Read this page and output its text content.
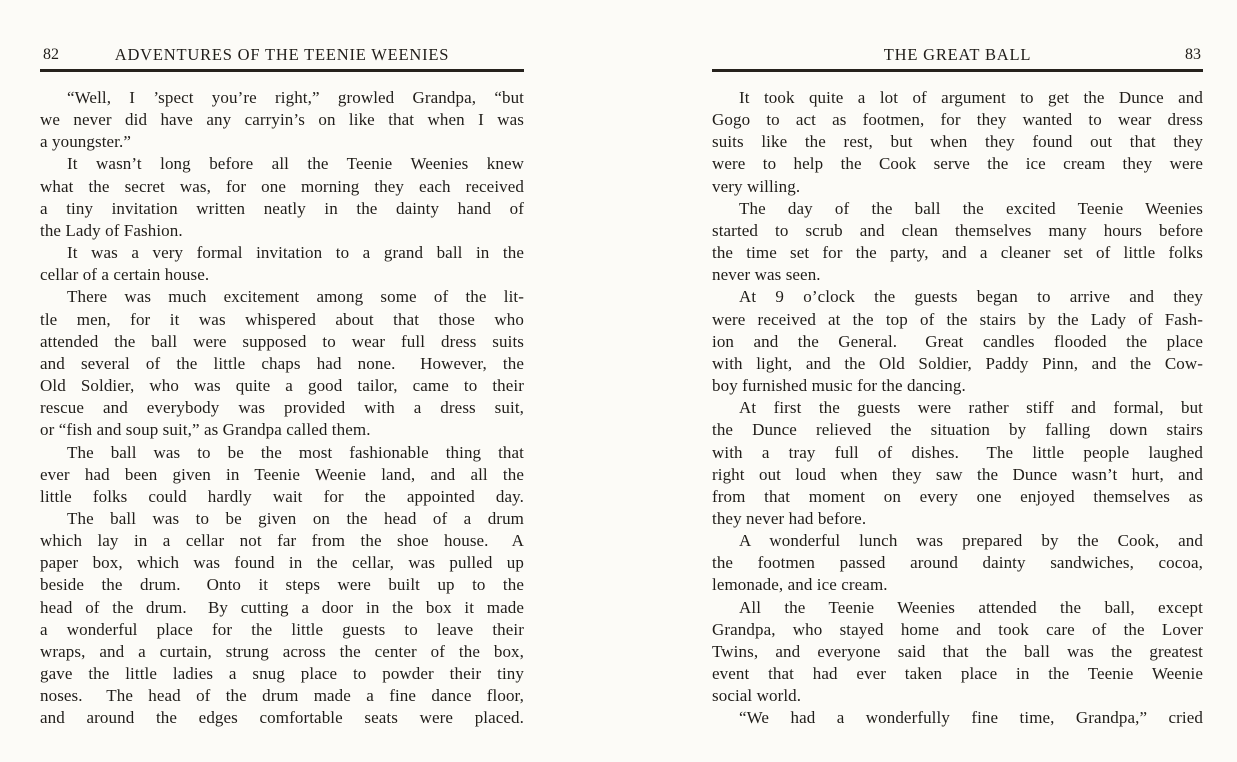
82	ADVENTURES OF THE TEENIE WEENIES
“Well, I ’spect you’re right,” growled Grandpa, “but
we never did have any carryin’s on like that when I was
a youngster.”
It wasn’t long before all the Teenie Weenies knew
what the secret was, for one morning they each received
a tiny invitation written neatly in the dainty hand of
the Lady of Fashion.
It was a very formal invitation to a grand ball in the
cellar of a certain house.
There was much excitement among some of the lit-
tle men, for it was whispered about that those who
attended the ball were supposed to wear full dress suits
and several of the little chaps had none.  However, the
Old Soldier, who was quite a good tailor, came to their
rescue and everybody was provided with a dress suit,
or “fish and soup suit,” as Grandpa called them.
The ball was to be the most fashionable thing that
ever had been given in Teenie Weenie land, and all the
little folks could hardly wait for the appointed day.
The ball was to be given on the head of a drum
which lay in a cellar not far from the shoe house.  A
paper box, which was found in the cellar, was pulled up
beside the drum.  Onto it steps were built up to the
head of the drum.  By cutting a door in the box it made
a wonderful place for the little guests to leave their
wraps, and a curtain, strung across the center of the box,
gave the little ladies a snug place to powder their tiny
noses.  The head of the drum made a fine dance floor,
and around the edges comfortable seats were placed.
THE GREAT BALL	83
It took quite a lot of argument to get the Dunce and
Gogo to act as footmen, for they wanted to wear dress
suits like the rest, but when they found out that they
were to help the Cook serve the ice cream they were
very willing.
The day of the ball the excited Teenie Weenies
started to scrub and clean themselves many hours before
the time set for the party, and a cleaner set of little folks
never was seen.
At 9 o’clock the guests began to arrive and they
were received at the top of the stairs by the Lady of Fash-
ion and the General.  Great candles flooded the place
with light, and the Old Soldier, Paddy Pinn, and the Cow-
boy furnished music for the dancing.
At first the guests were rather stiff and formal, but
the Dunce relieved the situation by falling down stairs
with a tray full of dishes.  The little people laughed
right out loud when they saw the Dunce wasn’t hurt, and
from that moment on every one enjoyed themselves as
they never had before.
A wonderful lunch was prepared by the Cook, and
the footmen passed around dainty sandwiches, cocoa,
lemonade, and ice cream.
All the Teenie Weenies attended the ball, except
Grandpa, who stayed home and took care of the Lover
Twins, and everyone said that the ball was the greatest
event that had ever taken place in the Teenie Weenie
social world.
“We had a wonderfully fine time, Grandpa,” cried
